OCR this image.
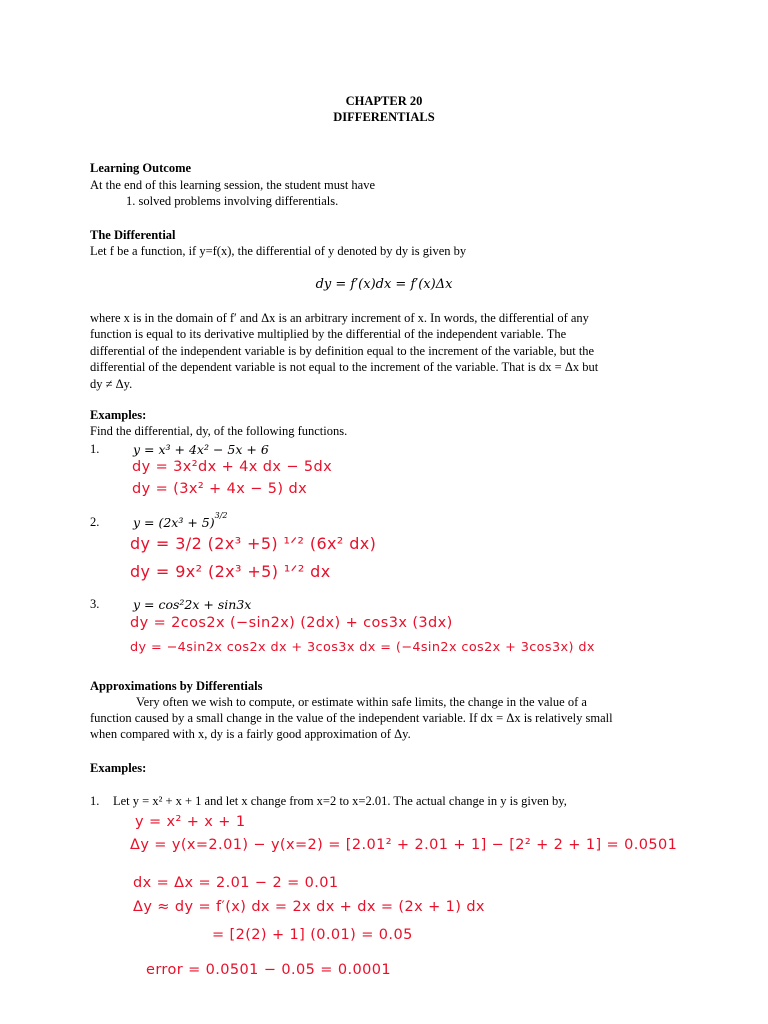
CHAPTER 20
DIFFERENTIALS
Learning Outcome
At the end of this learning session, the student must have
1. solved problems involving differentials.
The Differential
Let f be a function, if y=f(x), the differential of y denoted by dy is given by
dy = f′(x)dx = f′(x)Δx
where x is in the domain of f′ and Δx is an arbitrary increment of x. In words, the differential of any
function is equal to its derivative multiplied by the differential of the independent variable. The
differential of the independent variable is by definition equal to the increment of the variable, but the
differential of the dependent variable is not equal to the increment of the variable. That is dx = Δx but
dy ≠ Δy.
Examples:
Find the differential, dy, of the following functions.
1.	y = x³ + 4x² − 5x + 6
dy = 3x²dx + 4x dx − 5dx
dy = (3x² + 4x − 5) dx
2.	$y = (2x^3 + 5)^{3/2}$
dy = 3/2 (2x³ +5) ¹ᐟ² (6x² dx)
dy = 9x² (2x³ +5) ¹ᐟ² dx
3.	y = cos²2x + sin3x
dy = 2cos2x (−sin2x) (2dx) + cos3x (3dx)
dy = −4sin2x cos2x dx + 3cos3x dx = (−4sin2x cos2x + 3cos3x) dx
Approximations by Differentials
Very often we wish to compute, or estimate within safe limits, the change in the value of a
function caused by a small change in the value of the independent variable. If dx = Δx is relatively small
when compared with x, dy is a fairly good approximation of Δy.
Examples:
1. Let y = x² + x + 1 and let x change from x=2 to x=2.01. The actual change in y is given by,
y = x² + x + 1
Δy = y(x=2.01) − y(x=2) = [2.01² + 2.01 + 1] − [2² + 2 + 1] = 0.0501
dx = Δx = 2.01 − 2 = 0.01
Δy ≈ dy = f′(x) dx = 2x dx + dx = (2x + 1) dx
= [2(2) + 1] (0.01) = 0.05
error = 0.0501 − 0.05 = 0.0001
